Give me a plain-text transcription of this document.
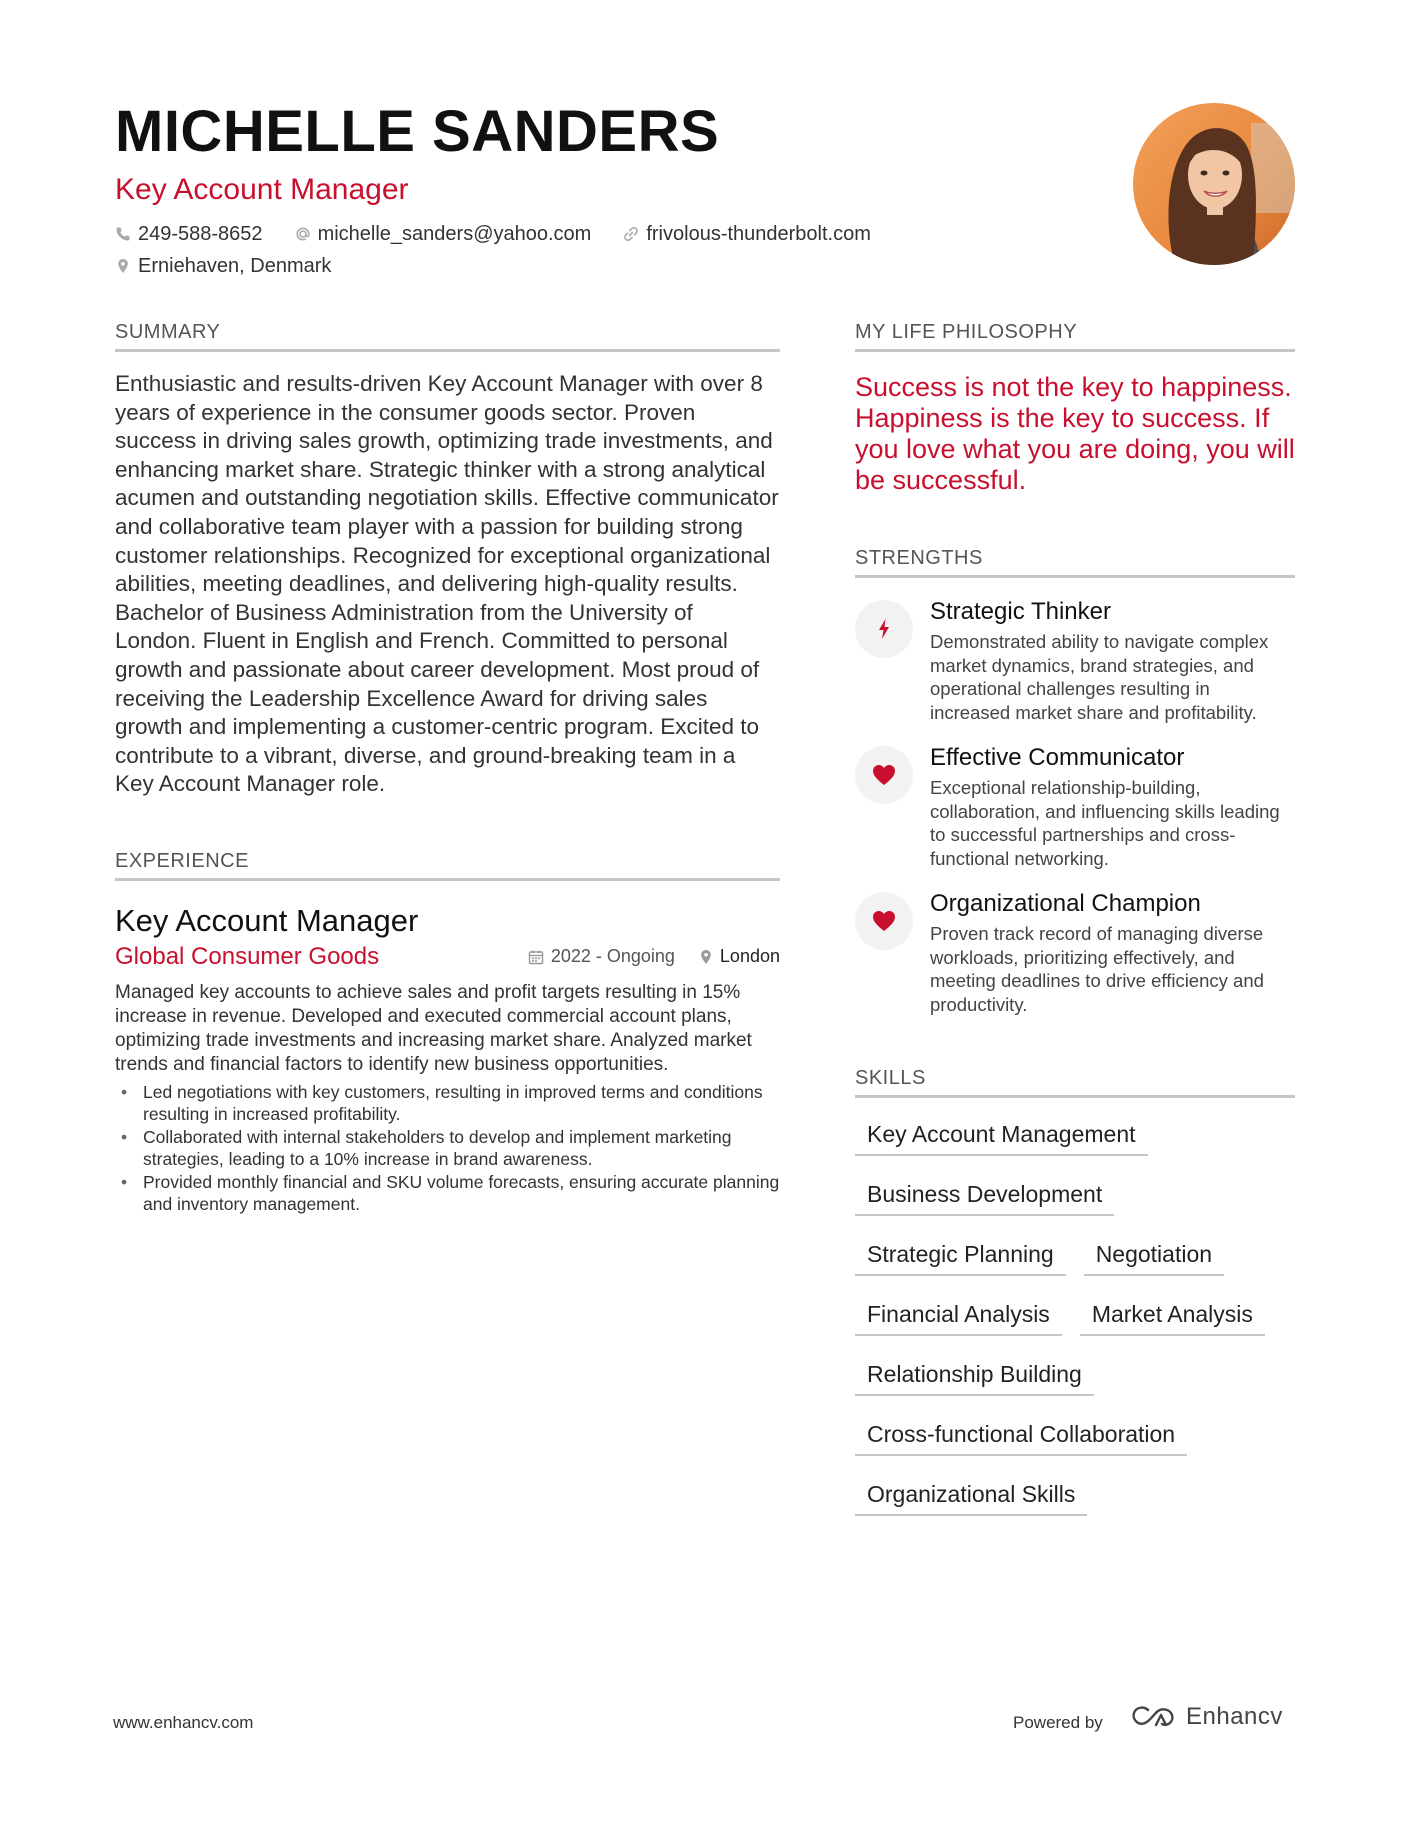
MICHELLE SANDERS
Key Account Manager
249-588-8652	michelle_sanders@yahoo.com	frivolous-thunderbolt.com
Erniehaven, Denmark
SUMMARY

Enthusiastic and results-driven Key Account Manager with over 8 years of experience in the consumer goods sector. Proven success in driving sales growth, optimizing trade investments, and enhancing market share. Strategic thinker with a strong analytical acumen and outstanding negotiation skills. Effective communicator and collaborative team player with a passion for building strong customer relationships. Recognized for exceptional organizational abilities, meeting deadlines, and delivering high-quality results. Bachelor of Business Administration from the University of London. Fluent in English and French. Committed to personal growth and passionate about career development. Most proud of receiving the Leadership Excellence Award for driving sales growth and implementing a customer-centric program. Excited to contribute to a vibrant, diverse, and ground-breaking team in a Key Account Manager role.

EXPERIENCE
Key Account Manager
Global Consumer Goods	2022 - Ongoing	London

Managed key accounts to achieve sales and profit targets resulting in 15% increase in revenue. Developed and executed commercial account plans, optimizing trade investments and increasing market share. Analyzed market trends and financial factors to identify new business opportunities.

• Led negotiations with key customers, resulting in improved terms and conditions resulting in increased profitability.
• Collaborated with internal stakeholders to develop and implement marketing strategies, leading to a 10% increase in brand awareness.
• Provided monthly financial and SKU volume forecasts, ensuring accurate planning and inventory management.
MY LIFE PHILOSOPHY

Success is not the key to happiness. Happiness is the key to success. If you love what you are doing, you will be successful.

STRENGTHS
Strategic Thinker
Demonstrated ability to navigate complex market dynamics, brand strategies, and operational challenges resulting in increased market share and profitability.
Effective Communicator
Exceptional relationship-building, collaboration, and influencing skills leading to successful partnerships and cross-functional networking.
Organizational Champion
Proven track record of managing diverse workloads, prioritizing effectively, and meeting deadlines to drive efficiency and productivity.
SKILLS
Key Account Management
Business Development
Strategic Planning	Negotiation
Financial Analysis	Market Analysis
Relationship Building
Cross-functional Collaboration
Organizational Skills
www.enhancv.com	Powered by	Enhancv
